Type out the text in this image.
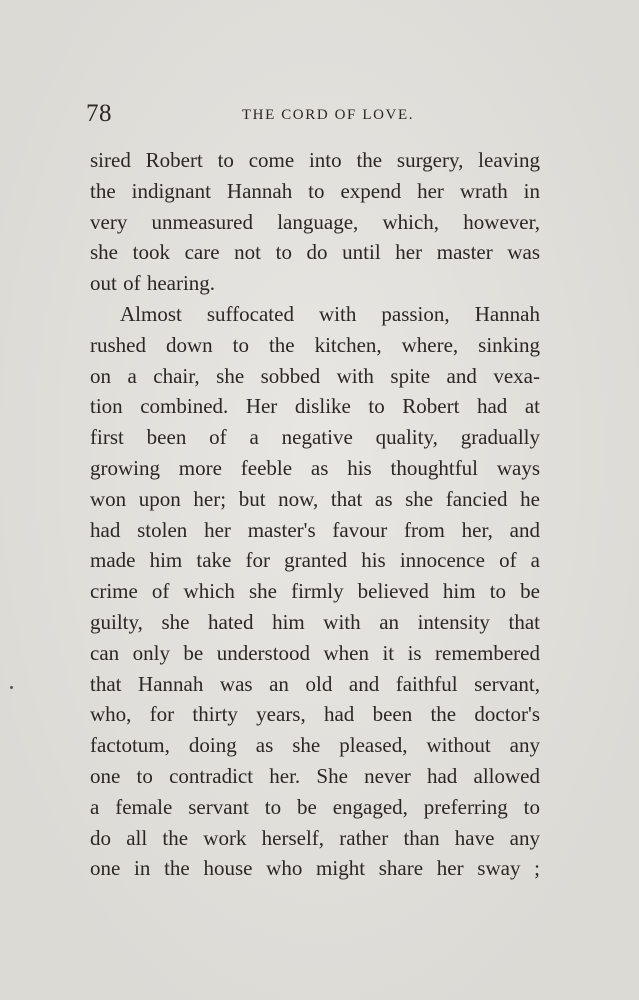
78	THE CORD OF LOVE.
sired Robert to come into the surgery, leaving
the indignant Hannah to expend her wrath in
very unmeasured language, which, however,
she took care not to do until her master was
out of hearing.
Almost suffocated with passion, Hannah
rushed down to the kitchen, where, sinking
on a chair, she sobbed with spite and vexa-
tion combined. Her dislike to Robert had at
first been of a negative quality, gradually
growing more feeble as his thoughtful ways
won upon her; but now, that as she fancied he
had stolen her master's favour from her, and
made him take for granted his innocence of a
crime of which she firmly believed him to be
guilty, she hated him with an intensity that
can only be understood when it is remembered
that Hannah was an old and faithful servant,
who, for thirty years, had been the doctor's
factotum, doing as she pleased, without any
one to contradict her. She never had allowed
a female servant to be engaged, preferring to
do all the work herself, rather than have any
one in the house who might share her sway ;
